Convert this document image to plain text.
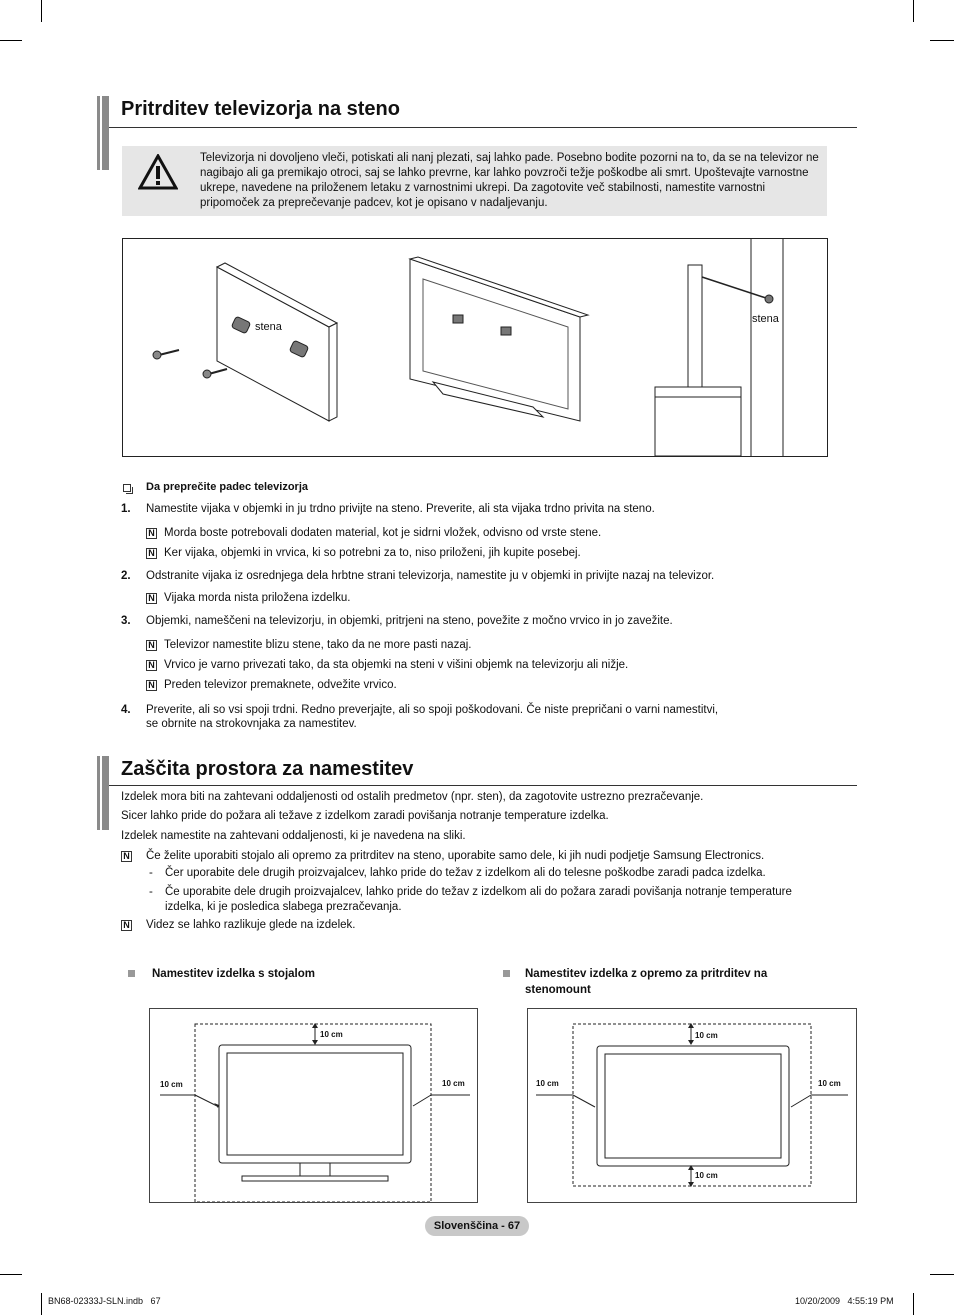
Pritrditev televizorja na steno
Televizorja ni dovoljeno vleči, potiskati ali nanj plezati, saj lahko pade. Posebno bodite pozorni na to, da se na televizor ne nagibajo ali ga premikajo otroci, saj se lahko prevrne, kar lahko povzroči težje poškodbe ali smrt. Upoštevajte varnostne ukrepe, navedene na priloženem letaku z varnostnimi ukrepi. Da zagotovite več stabilnosti, namestite varnostni pripomoček za preprečevanje padcev, kot je opisano v nadaljevanju.
stena
stena
Da preprečite padec televizorja
1. Namestite vijaka v objemki in ju trdno privijte na steno. Preverite, ali sta vijaka trdno privita na steno.
N Morda boste potrebovali dodaten material, kot je sidrni vložek, odvisno od vrste stene.
N Ker vijaka, objemki in vrvica, ki so potrebni za to, niso priloženi, jih kupite posebej.
2. Odstranite vijaka iz osrednjega dela hrbtne strani televizorja, namestite ju v objemki in privijte nazaj na televizor.
N Vijaka morda nista priložena izdelku.
3. Objemki, nameščeni na televizorju, in objemki, pritrjeni na steno, povežite z močno vrvico in jo zavežite.
N Televizor namestite blizu stene, tako da ne more pasti nazaj.
N Vrvico je varno privezati tako, da sta objemki na steni v višini objemk na televizorju ali nižje.
N Preden televizor premaknete, odvežite vrvico.
4. Preverite, ali so vsi spoji trdni. Redno preverjajte, ali so spoji poškodovani. Če niste prepričani o varni namestitvi,
se obrnite na strokovnjaka za namestitev.
Zaščita prostora za namestitev
Izdelek mora biti na zahtevani oddaljenosti od ostalih predmetov (npr. sten), da zagotovite ustrezno prezračevanje.
Sicer lahko pride do požara ali težave z izdelkom zaradi povišanja notranje temperature izdelka.
Izdelek namestite na zahtevani oddaljenosti, ki je navedena na sliki.
N Če želite uporabiti stojalo ali opremo za pritrditev na steno, uporabite samo dele, ki jih nudi podjetje Samsung Electronics.
- Čer uporabite dele drugih proizvajalcev, lahko pride do težav z izdelkom ali do telesne poškodbe zaradi padca izdelka.
- Če uporabite dele drugih proizvajalcev, lahko pride do težav z izdelkom ali do požara zaradi povišanja notranje temperature
izdelka, ki je posledica slabega prezračevanja.
N Videz se lahko razlikuje glede na izdelek.
Namestitev izdelka s stojalom	Namestitev izdelka z opremo za pritrditev na
stenomount
10 cm
10 cm	10 cm
10 cm
10 cm	10 cm
10 cm
Slovenščina - 67
BN68-02333J-SLN.indb   67	10/20/2009   4:55:19 PM
